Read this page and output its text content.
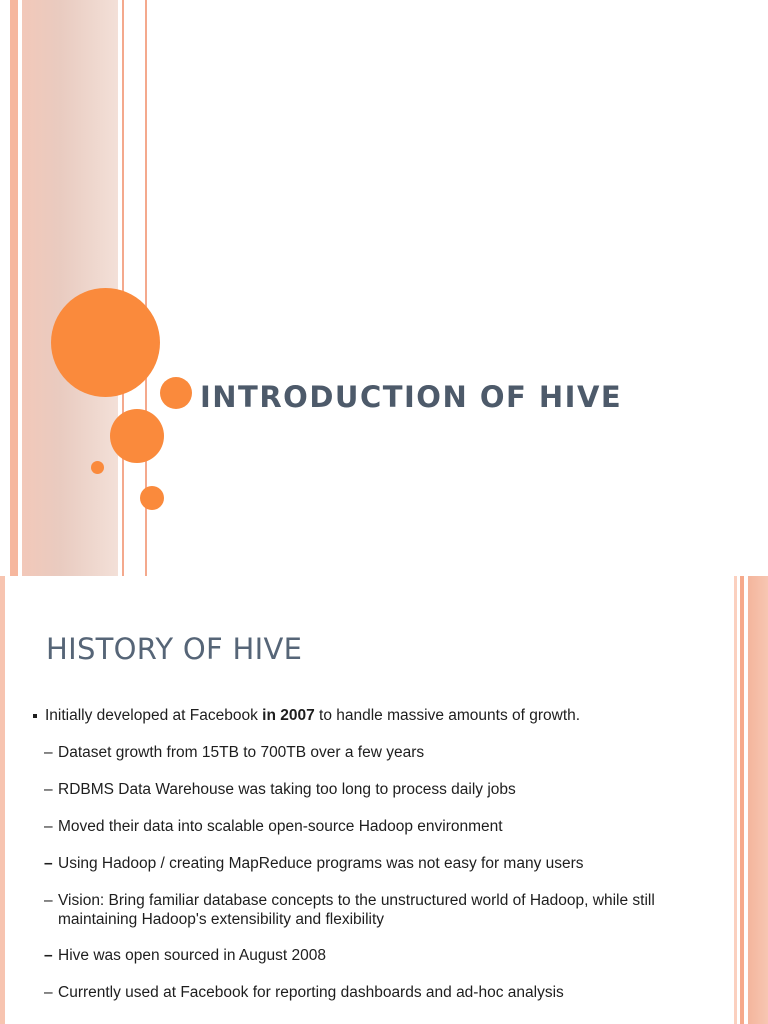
INTRODUCTION OF HIVE
HISTORY OF HIVE
Initially developed at Facebook in 2007 to handle massive amounts of growth.
– Dataset growth from 15TB to 700TB over a few years
– RDBMS Data Warehouse was taking too long to process daily jobs
– Moved their data into scalable open-source Hadoop environment
– Using Hadoop / creating MapReduce programs was not easy for many users
– Vision: Bring familiar database concepts to the unstructured world of Hadoop, while still maintaining Hadoop's extensibility and flexibility
– Hive was open sourced in August 2008
– Currently used at Facebook for reporting dashboards and ad-hoc analysis
